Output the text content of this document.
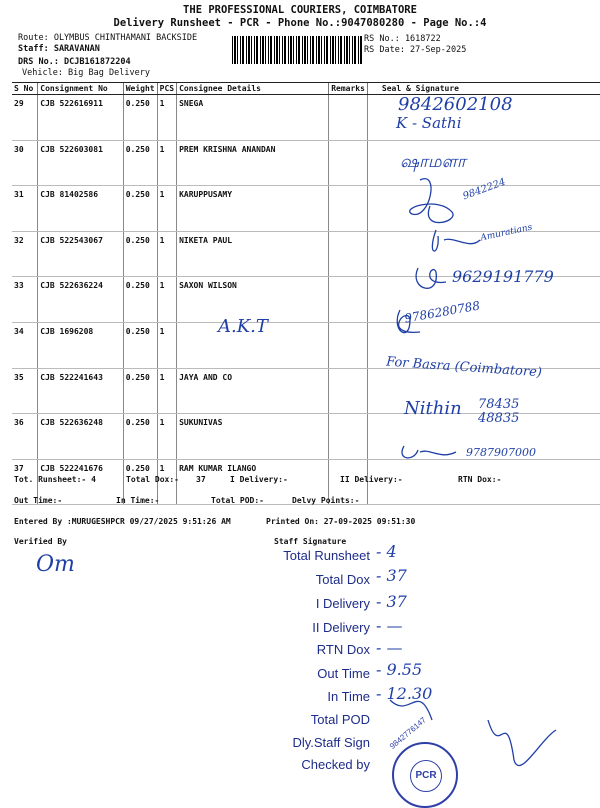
THE PROFESSIONAL COURIERS, COIMBATORE
Delivery Runsheet - PCR - Phone No.:9047080280 - Page No.:4
Route: OLYMBUS CHINTHAMANI BACKSIDE
Staff: SARAVANAN
DRS No.: DCJB161872204
Vehicle: Big Bag Delivery
RS No.: 1618722
RS Date: 27-Sep-2025
S No	Consignment No	Weight	PCS	Consignee Details	Remarks	Seal & Signature
29	CJB 522616911	0.250	1	SNEGA		
30	CJB 522603081	0.250	1	PREM KRISHNA ANANDAN		
31	CJB 81402586	0.250	1	KARUPPUSAMY		
32	CJB 522543067	0.250	1	NIKETA PAUL		
33	CJB 522636224	0.250	1	SAXON WILSON		
34	CJB 1696208	0.250	1			
35	CJB 522241643	0.250	1	JAYA AND CO		
36	CJB 522636248	0.250	1	SUKUNIVAS		
37	CJB 522241676	0.250	1	RAM KUMAR ILANGO		
9842602108
K - Sathi
ஷாமளா
9842224
Amuratians
9629191779
A.K.T
9786280788
For Basra (Coimbatore)
Nithin 78435 48835
9787907000
Tot. Runsheet:- 4	Total Dox:- 37	I Delivery:-	II Delivery:-	RTN Dox:-
Out Time:-	In Time:-	Total POD:-	Delvy Points:-
Entered By :MURUGESHPCR 09/27/2025 9:51:26 AM	Printed On: 27-09-2025 09:51:30
Verified By	Staff Signature
Om	Total Runsheet - 4
Total Dox - 37
I Delivery - 37
II Delivery - —
RTN Dox - —
Out Time - 9.55
In Time - 12.30
Total POD
Dly.Staff Sign
Checked by
PCR
9842776147
